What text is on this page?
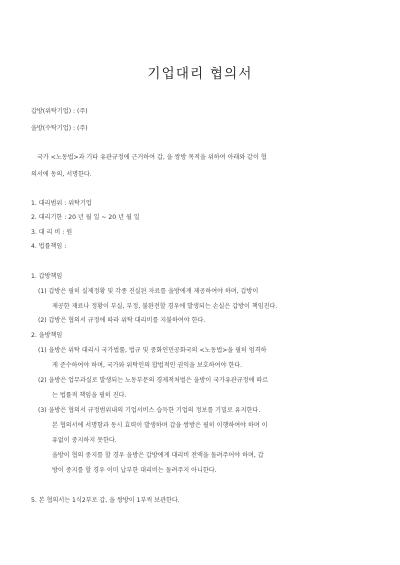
기업대리 협의서
갑방(위탁기업) : (주)
을방(수탁기업) : (주)
국가 <노동법>과 기타 유관규정에 근거하여 갑, 을 쌍방 목적을 위하여 아래와 같이 협
의서에 동의, 서명한다.
1. 대리범위 : 위탁기업
2. 대리기한 : 20 년 월 일 ~ 20 년 월 일
3. 대 리 비 : 원
4. 법률책임 :
1. 갑방책임
(1) 갑방은 필히 실제정황 및 각종 진실된 자료를 을방에게 제공하여야 하며, 갑방이
제공한 재료나 정황이 부실, 부정, 불완전할 경우에 발생되는 손실은 갑방이 책임진다.
(2) 갑방은 협의서 규정에 따라 위탁 대리비를 지불하여야 한다.
2. 을방책임
(1) 을방은 위탁 대리시 국가법률, 법규 및 중화인민공화국의 <노동법>을 필히 엄격하
게 준수하여야 하며, 국가와 위탁인의 합법적인 권익을 보호하여야 한다.
(2) 을방은 업무과실로 발생되는 노동부문의 경제적처벌은 을방이 국가유관규정에 따르
는 법률적 책임을 필히 진다.
(3) 을방은 협의서 규정범위내의 기업서비스 습득한 기업의 정보를 기밀로 유지한다.
본 협의서에 서명함과 동시 효력이 발생하며 갑을 쌍방은 필히 이행하여야 하며 이
유없이 중지하지 못한다.
을방이 협의 중지를 할 경우 을방은 갑방에게 대리비 전액을 돌려주어야 하며, 갑
방이 중지를 할 경우 이미 납부한 대리비는 돌려주지 아니한다.
5. 본 협의서는 1식2부로 갑, 을 쌍방이 1부씩 보관한다.
